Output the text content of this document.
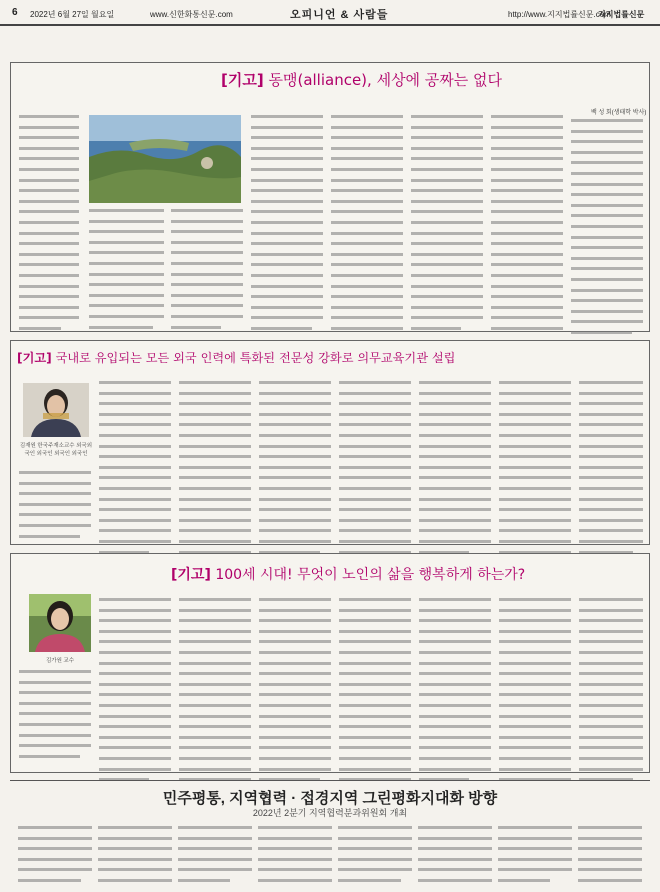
6 2022년 6월 27일 월요일	www.신한화통신문.com	오피니언 & 사람들	http://www.지지법률신문.com
지지법률신문
[기고] 동맹(alliance), 세상에 공짜는 없다
백 성 회(생태학 박사)
[기고] 국내로 유입되는 모든 외국 인력에 특화된 전문성 강화로 의무교육기관 설립
김재원 한국주재소교수 외국외국인 외국인 외국인 외국인
[기고] 100세 시대! 무엇이 노인의 삶을 행복하게 하는가?
김가원 교수
민주평통, 지역협력 · 접경지역 그린평화지대화 방향
2022년 2분기 지역협력분과위원회 개최
